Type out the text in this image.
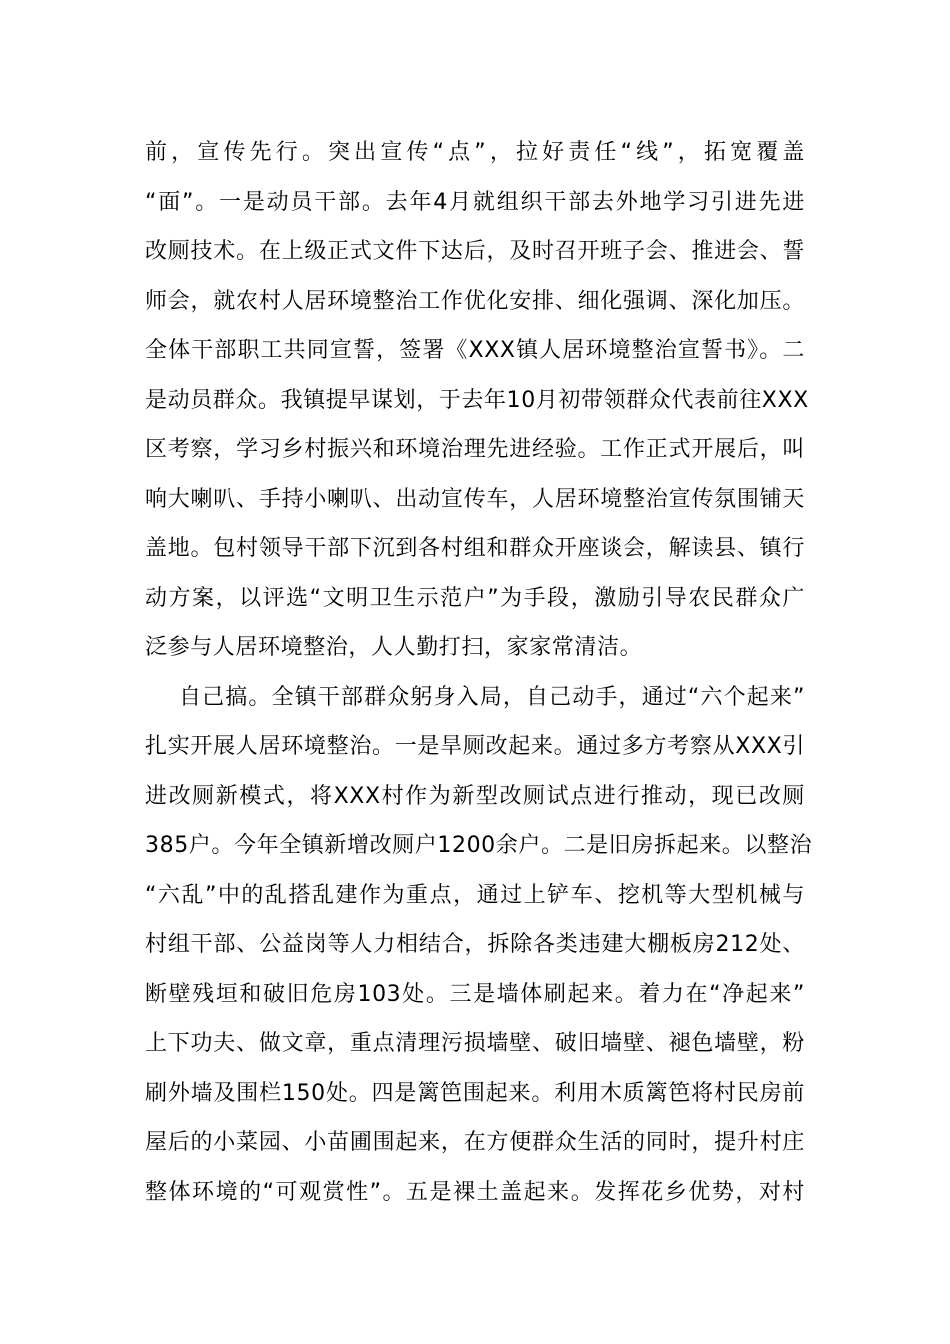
前，宣传先行。突出宣传“点”，拉好责任“线”，拓宽覆盖
“面”。一是动员干部。去年4月就组织干部去外地学习引进先进
改厕技术。在上级正式文件下达后，及时召开班子会、推进会、誓
师会，就农村人居环境整治工作优化安排、细化强调、深化加压。
全体干部职工共同宣誓，签署《XXX镇人居环境整治宣誓书》。二
是动员群众。我镇提早谋划，于去年10月初带领群众代表前往XXX
区考察，学习乡村振兴和环境治理先进经验。工作正式开展后，叫
响大喇叭、手持小喇叭、出动宣传车，人居环境整治宣传氛围铺天
盖地。包村领导干部下沉到各村组和群众开座谈会，解读县、镇行
动方案，以评选“文明卫生示范户”为手段，激励引导农民群众广
泛参与人居环境整治，人人勤打扫，家家常清洁。
自己搞。全镇干部群众躬身入局，自己动手，通过“六个起来”
扎实开展人居环境整治。一是旱厕改起来。通过多方考察从XXX引
进改厕新模式，将XXX村作为新型改厕试点进行推动，现已改厕
385户。今年全镇新增改厕户1200余户。二是旧房拆起来。以整治
“六乱”中的乱搭乱建作为重点，通过上铲车、挖机等大型机械与
村组干部、公益岗等人力相结合，拆除各类违建大棚板房212处、
断壁残垣和破旧危房103处。三是墙体刷起来。着力在“净起来”
上下功夫、做文章，重点清理污损墙壁、破旧墙壁、褪色墙壁，粉
刷外墙及围栏150处。四是篱笆围起来。利用木质篱笆将村民房前
屋后的小菜园、小苗圃围起来，在方便群众生活的同时，提升村庄
整体环境的“可观赏性”。五是裸土盖起来。发挥花乡优势，对村
